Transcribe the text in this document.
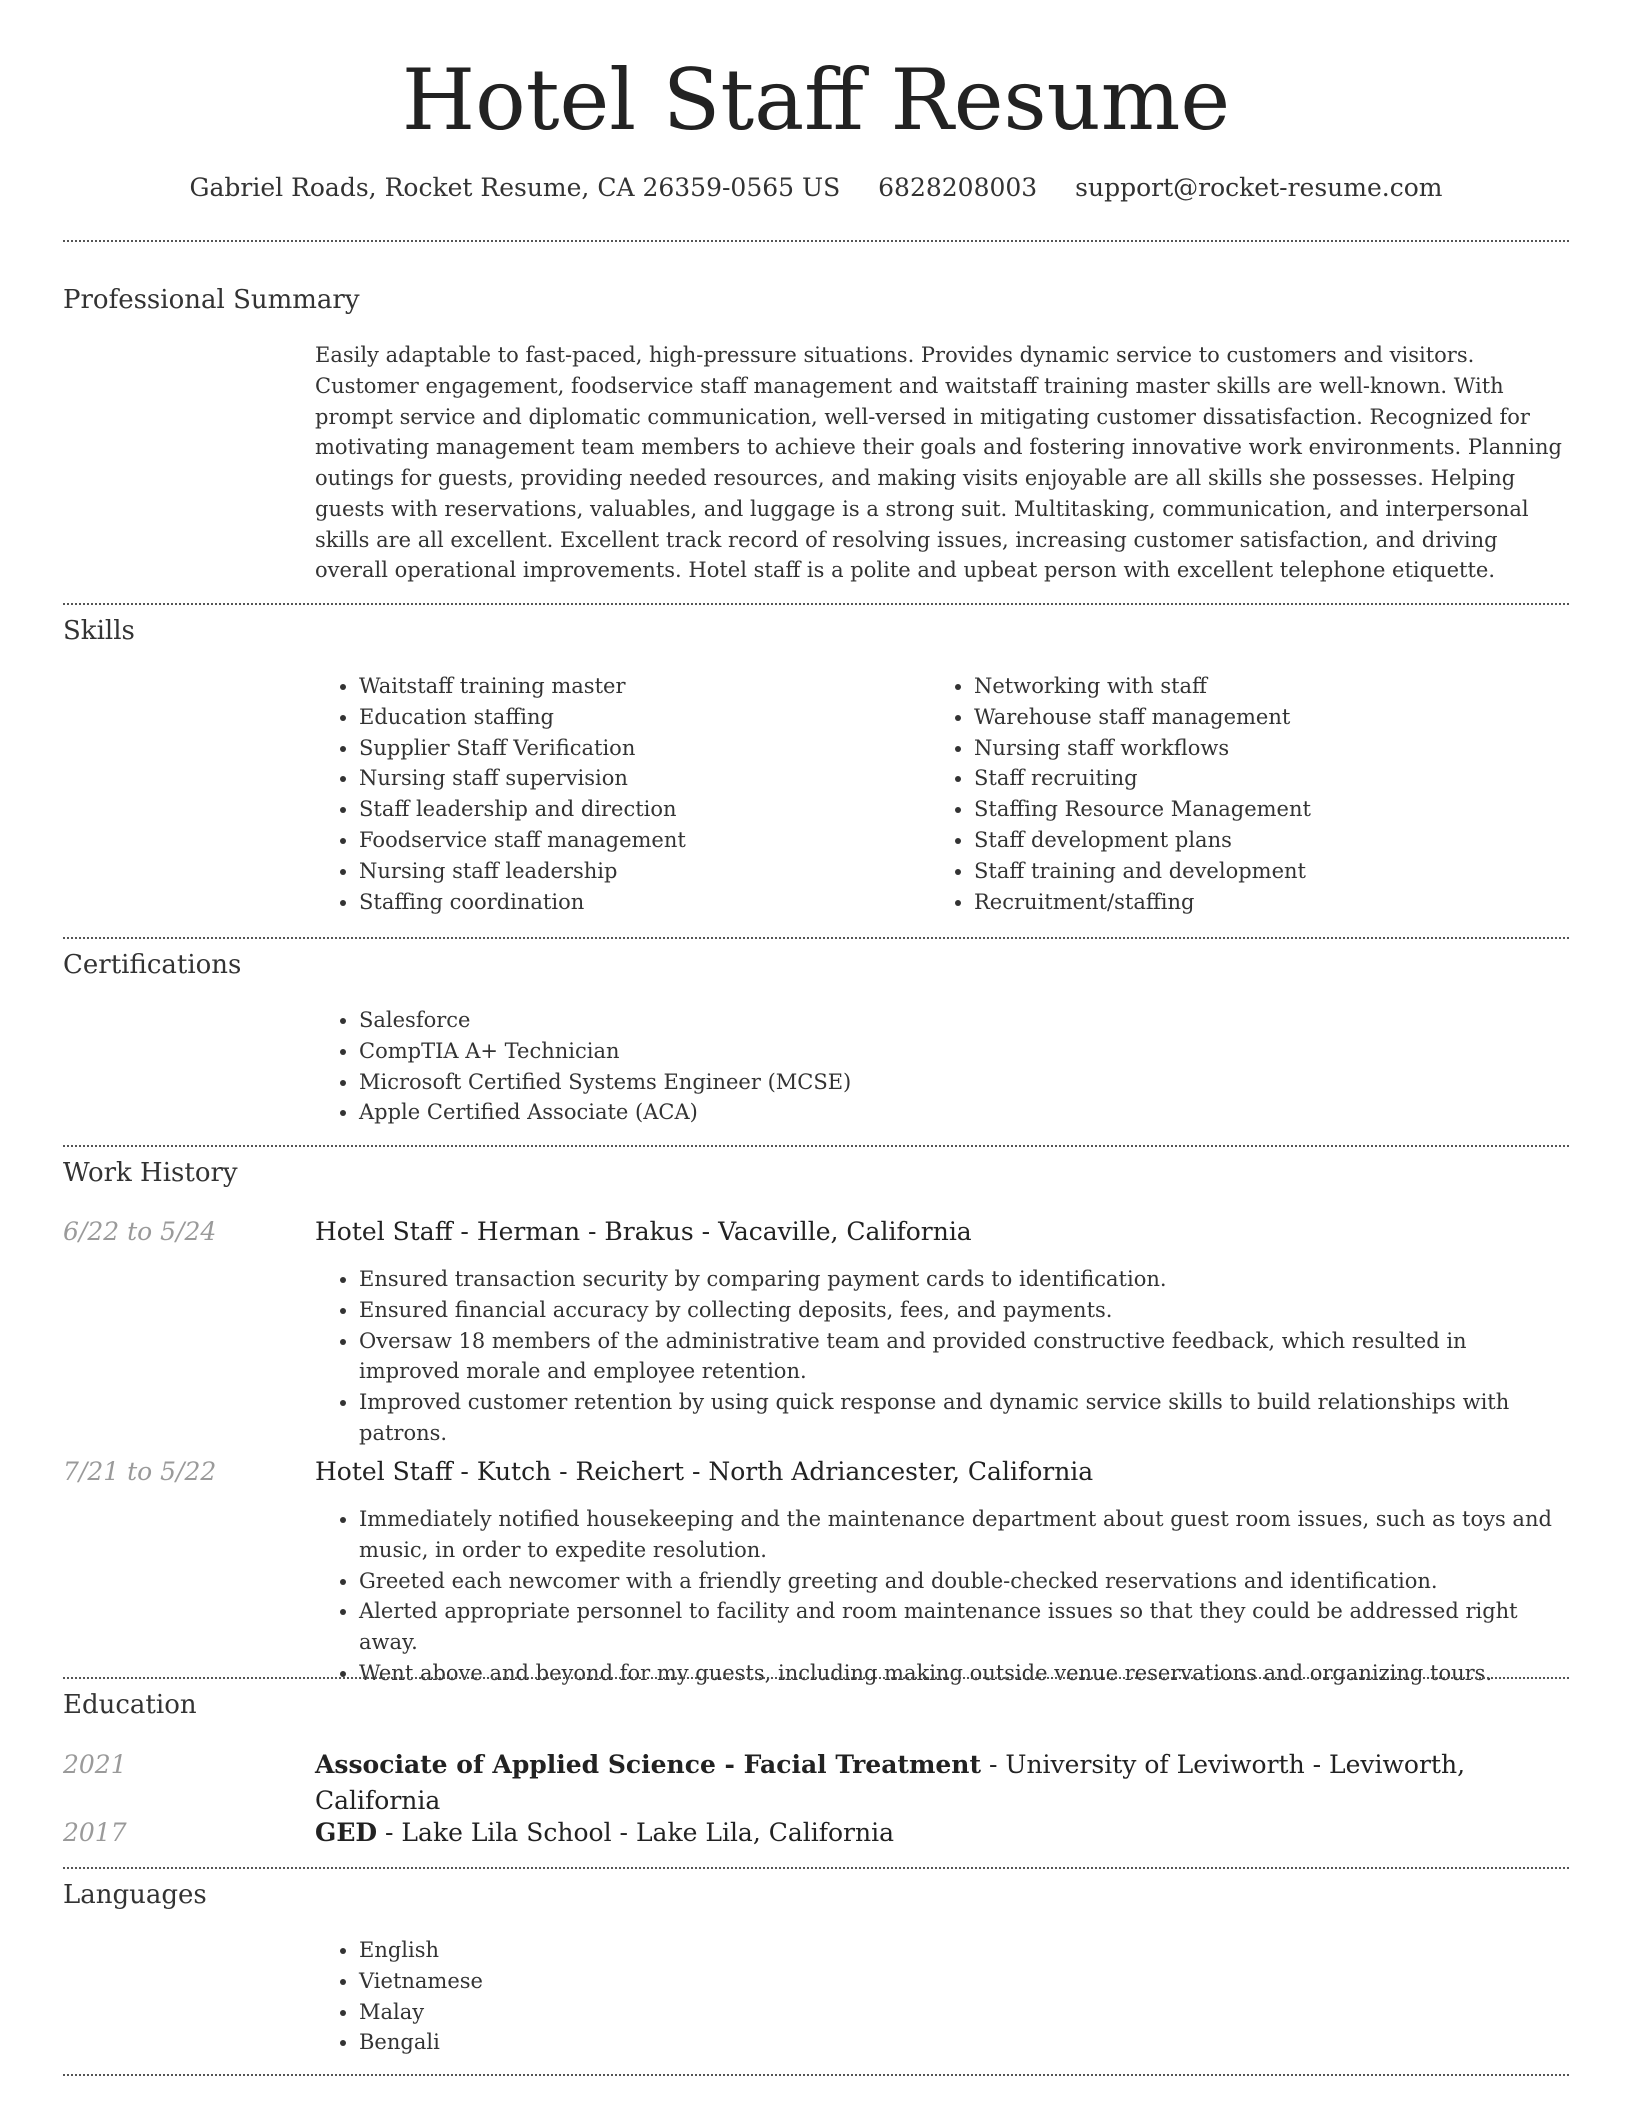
Hotel Staff Resume
Gabriel Roads, Rocket Resume, CA 26359-0565 US 6828208003 support@rocket-resume.com
Professional Summary

Easily adaptable to fast-paced, high-pressure situations. Provides dynamic service to customers and visitors. Customer engagement, foodservice staff management and waitstaff training master skills are well-known. With prompt service and diplomatic communication, well-versed in mitigating customer dissatisfaction. Recognized for motivating management team members to achieve their goals and fostering innovative work environments. Planning outings for guests, providing needed resources, and making visits enjoyable are all skills she possesses. Helping guests with reservations, valuables, and luggage is a strong suit. Multitasking, communication, and interpersonal skills are all excellent. Excellent track record of resolving issues, increasing customer satisfaction, and driving overall operational improvements. Hotel staff is a polite and upbeat person with excellent telephone etiquette.

Skills
• Waitstaff training master
• Education staffing
• Supplier Staff Verification
• Nursing staff supervision
• Staff leadership and direction
• Foodservice staff management
• Nursing staff leadership
• Staffing coordination
• Networking with staff
• Warehouse staff management
• Nursing staff workflows
• Staff recruiting
• Staffing Resource Management
• Staff development plans
• Staff training and development
• Recruitment/staffing
Certifications
• Salesforce
• CompTIA A+ Technician
• Microsoft Certified Systems Engineer (MCSE)
• Apple Certified Associate (ACA)
Work History
6/22 to 5/24	Hotel Staff - Herman - Brakus - Vacaville, California
• Ensured transaction security by comparing payment cards to identification.
• Ensured financial accuracy by collecting deposits, fees, and payments.
• Oversaw 18 members of the administrative team and provided constructive feedback, which resulted in improved morale and employee retention.
• Improved customer retention by using quick response and dynamic service skills to build relationships with patrons.
7/21 to 5/22	Hotel Staff - Kutch - Reichert - North Adriancester, California
• Immediately notified housekeeping and the maintenance department about guest room issues, such as toys and music, in order to expedite resolution.
• Greeted each newcomer with a friendly greeting and double-checked reservations and identification.
• Alerted appropriate personnel to facility and room maintenance issues so that they could be addressed right away.
• Went above and beyond for my guests, including making outside venue reservations and organizing tours.
Education
2021	Associate of Applied Science - Facial Treatment - University of Leviworth - Leviworth, California
2017	GED - Lake Lila School - Lake Lila, California
Languages
• English
• Vietnamese
• Malay
• Bengali
